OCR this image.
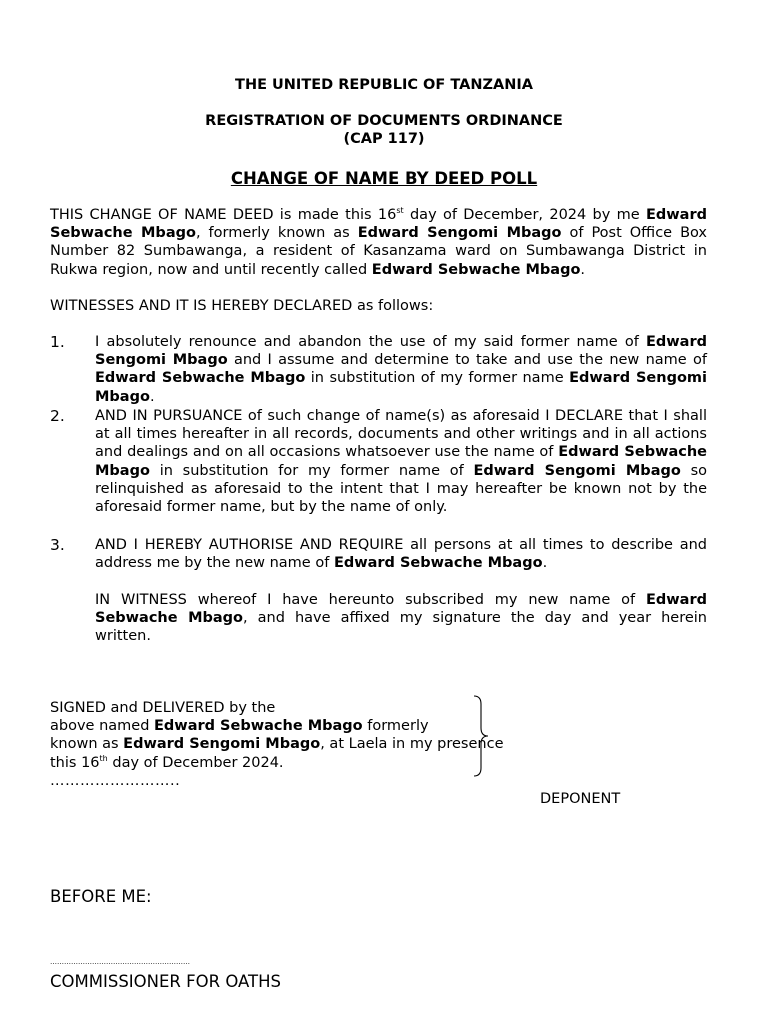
THE UNITED REPUBLIC OF TANZANIA
REGISTRATION OF DOCUMENTS ORDINANCE
(CAP 117)
CHANGE OF NAME BY DEED POLL

THIS CHANGE OF NAME DEED is made this 16st day of December, 2024 by me Edward Sebwache Mbago, formerly known as Edward Sengomi Mbago of Post Office Box Number 82 Sumbawanga, a resident of Kasanzama ward on Sumbawanga District in Rukwa region, now and until recently called Edward Sebwache Mbago.

WITNESSES AND IT IS HEREBY DECLARED as follows:

1. I absolutely renounce and abandon the use of my said former name of Edward Sengomi Mbago and I assume and determine to take and use the new name of Edward Sebwache Mbago in substitution of my former name Edward Sengomi Mbago.

2. AND IN PURSUANCE of such change of name(s) as aforesaid I DECLARE that I shall at all times hereafter in all records, documents and other writings and in all actions and dealings and on all occasions whatsoever use the name of Edward Sebwache Mbago in substitution for my former name of Edward Sengomi Mbago so relinquished as aforesaid to the intent that I may hereafter be known not by the aforesaid former name, but by the name of only.

3. AND I HEREBY AUTHORISE AND REQUIRE all persons at all times to describe and address me by the new name of Edward Sebwache Mbago.

IN WITNESS whereof I have hereunto subscribed my new name of Edward Sebwache Mbago, and have affixed my signature the day and year herein written.

SIGNED and DELIVERED by the
above named Edward Sebwache Mbago formerly
known as Edward Sengomi Mbago, at Laela in my presence
this 16th day of December 2024.
……………………..
DEPONENT
BEFORE ME:
……………………………………………………
COMMISSIONER FOR OATHS
